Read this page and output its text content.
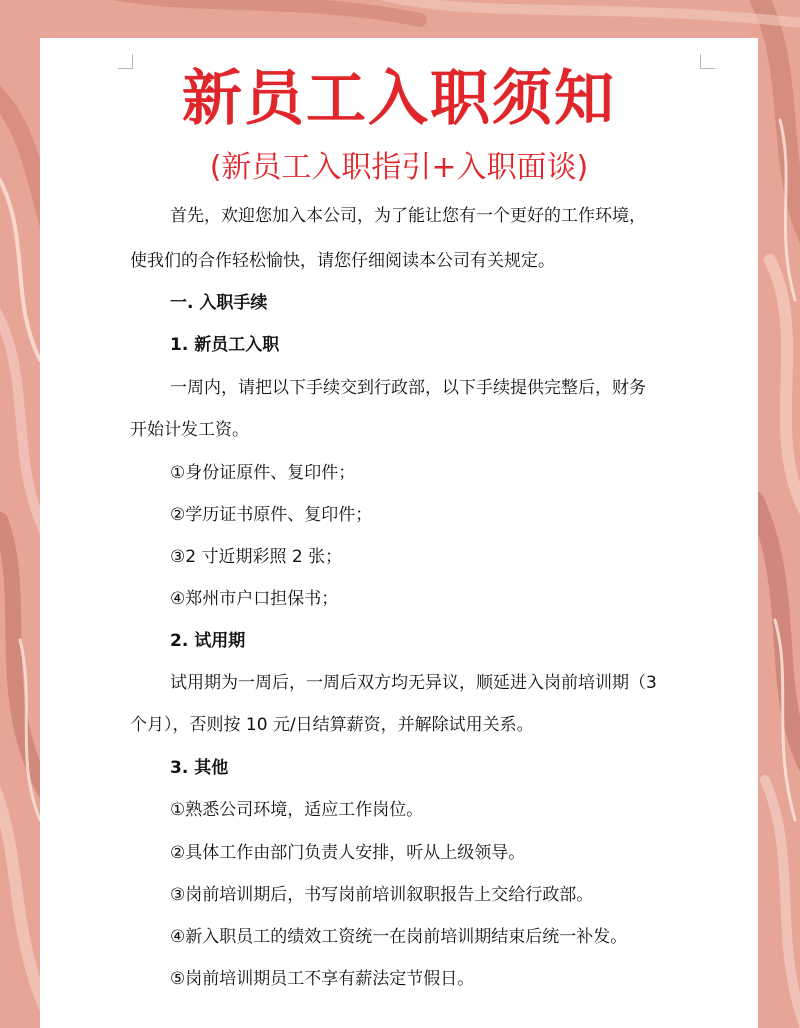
新员工入职须知
(新员工入职指引+入职面谈)
首先，欢迎您加入本公司，为了能让您有一个更好的工作环境，
使我们的合作轻松愉快，请您仔细阅读本公司有关规定。
一. 入职手续
1. 新员工入职
一周内，请把以下手续交到行政部，以下手续提供完整后，财务
开始计发工资。
①身份证原件、复印件；
②学历证书原件、复印件；
③2 寸近期彩照 2 张；
④郑州市户口担保书；
2. 试用期
试用期为一周后，一周后双方均无异议，顺延进入岗前培训期（3
个月），否则按 10 元/日结算薪资，并解除试用关系。
3. 其他
①熟悉公司环境，适应工作岗位。
②具体工作由部门负责人安排，听从上级领导。
③岗前培训期后，书写岗前培训叙职报告上交给行政部。
④新入职员工的绩效工资统一在岗前培训期结束后统一补发。
⑤岗前培训期员工不享有薪法定节假日。
